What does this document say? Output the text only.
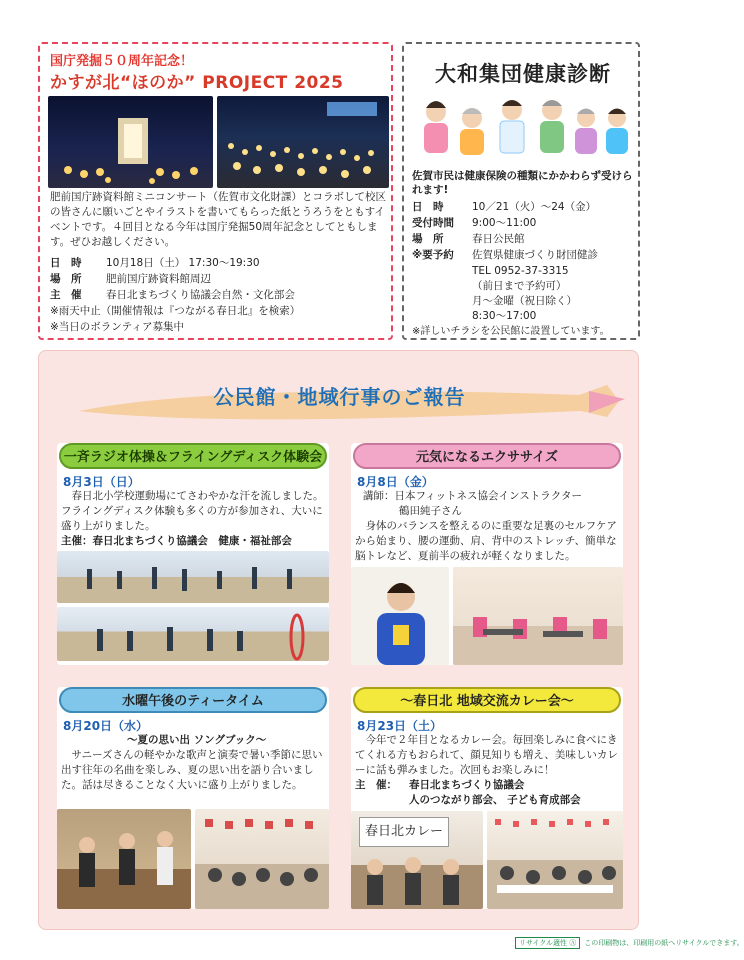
国庁発掘５０周年記念！
かすが北“ほのか” PROJECT 2025
肥前国庁跡資料館ミニコンサート（佐賀市文化財課）とコラボして校区の皆さんに願いごとやイラストを書いてもらった紙とうろうをともすイベントです。４回目となる今年は国庁発掘50周年記念としてともします。ぜひお越しください。
日　時 10月18日（土） 17:30〜19:30
場　所 肥前国庁跡資料館周辺
主　催 春日北まちづくり協議会自然・文化部会
※雨天中止（開催情報は『つながる春日北』を検索）
※当日のボランティア募集中
大和集団健康診断
佐賀市民は健康保険の種類にかかわらず受けられます!
日　時	10／21（火）〜24（金）
受付時間 9:00〜11:00
場　所	春日公民館
※要予約 佐賀県健康づくり財団健診
TEL 0952-37-3315
（前日まで予約可）
月〜金曜（祝日除く）
8:30〜17:00
※詳しいチラシを公民館に設置しています。
公民館・地域行事のご報告
一斉ラジオ体操＆フライングディスク体験会
8月3日（日）
春日北小学校運動場にてさわやかな汗を流しました。フライングディスク体験も多くの方が参加され、大いに盛り上がりました。
主催：春日北まちづくり協議会　健康・福祉部会
元気になるエクササイズ
8月8日（金）
講師：日本フィットネス協会インストラクター
鶴田純子さん
身体のバランスを整えるのに重要な足裏のセルフケアから始まり、腰の運動、肩、背中のストレッチ、簡単な脳トレなど、夏前半の疲れが軽くなりました。
水曜午後のティータイム
8月20日（水）
〜夏の思い出 ソングブック〜
サニーズさんの軽やかな歌声と演奏で暑い季節に思い出す往年の名曲を楽しみ、夏の思い出を語り合いました。話は尽きることなく大いに盛り上がりました。
〜春日北 地域交流カレー会〜
8月23日（土）
今年で２年目となるカレー会。毎回楽しみに食べにきてくれる方もおられて、顔見知りも増え、美味しいカレーに話も弾みました。次回もお楽しみに！
主　催： 春日北まちづくり協議会
人のつながり部会、 子ども育成部会
春日北カレー
リサイクル適性 Ⓐ この印刷物は、印刷用の紙へリサイクルできます。
